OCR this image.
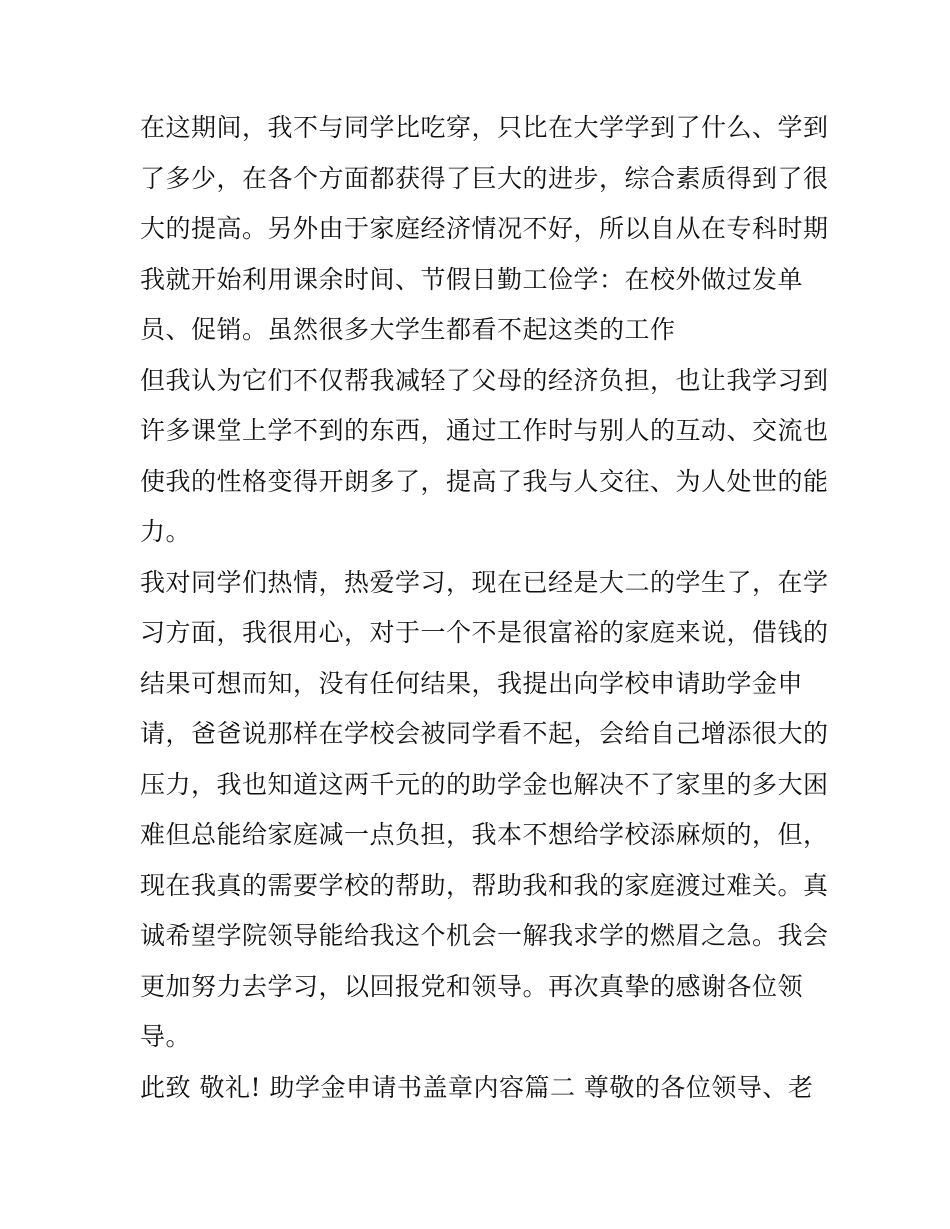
在这期间，我不与同学比吃穿，只比在大学学到了什么、学到
了多少，在各个方面都获得了巨大的进步，综合素质得到了很
大的提高。另外由于家庭经济情况不好，所以自从在专科时期
我就开始利用课余时间、节假日勤工俭学：在校外做过发单
员、促销。虽然很多大学生都看不起这类的工作
但我认为它们不仅帮我减轻了父母的经济负担，也让我学习到
许多课堂上学不到的东西，通过工作时与别人的互动、交流也
使我的性格变得开朗多了，提高了我与人交往、为人处世的能
力。
我对同学们热情，热爱学习，现在已经是大二的学生了，在学
习方面，我很用心，对于一个不是很富裕的家庭来说，借钱的
结果可想而知，没有任何结果，我提出向学校申请助学金申
请，爸爸说那样在学校会被同学看不起，会给自己增添很大的
压力，我也知道这两千元的的助学金也解决不了家里的多大困
难但总能给家庭减一点负担，我本不想给学校添麻烦的，但，
现在我真的需要学校的帮助，帮助我和我的家庭渡过难关。真
诚希望学院领导能给我这个机会一解我求学的燃眉之急。我会
更加努力去学习，以回报党和领导。再次真挚的感谢各位领
导。
此致 敬礼! 助学金申请书盖章内容篇二 尊敬的各位领导、老
